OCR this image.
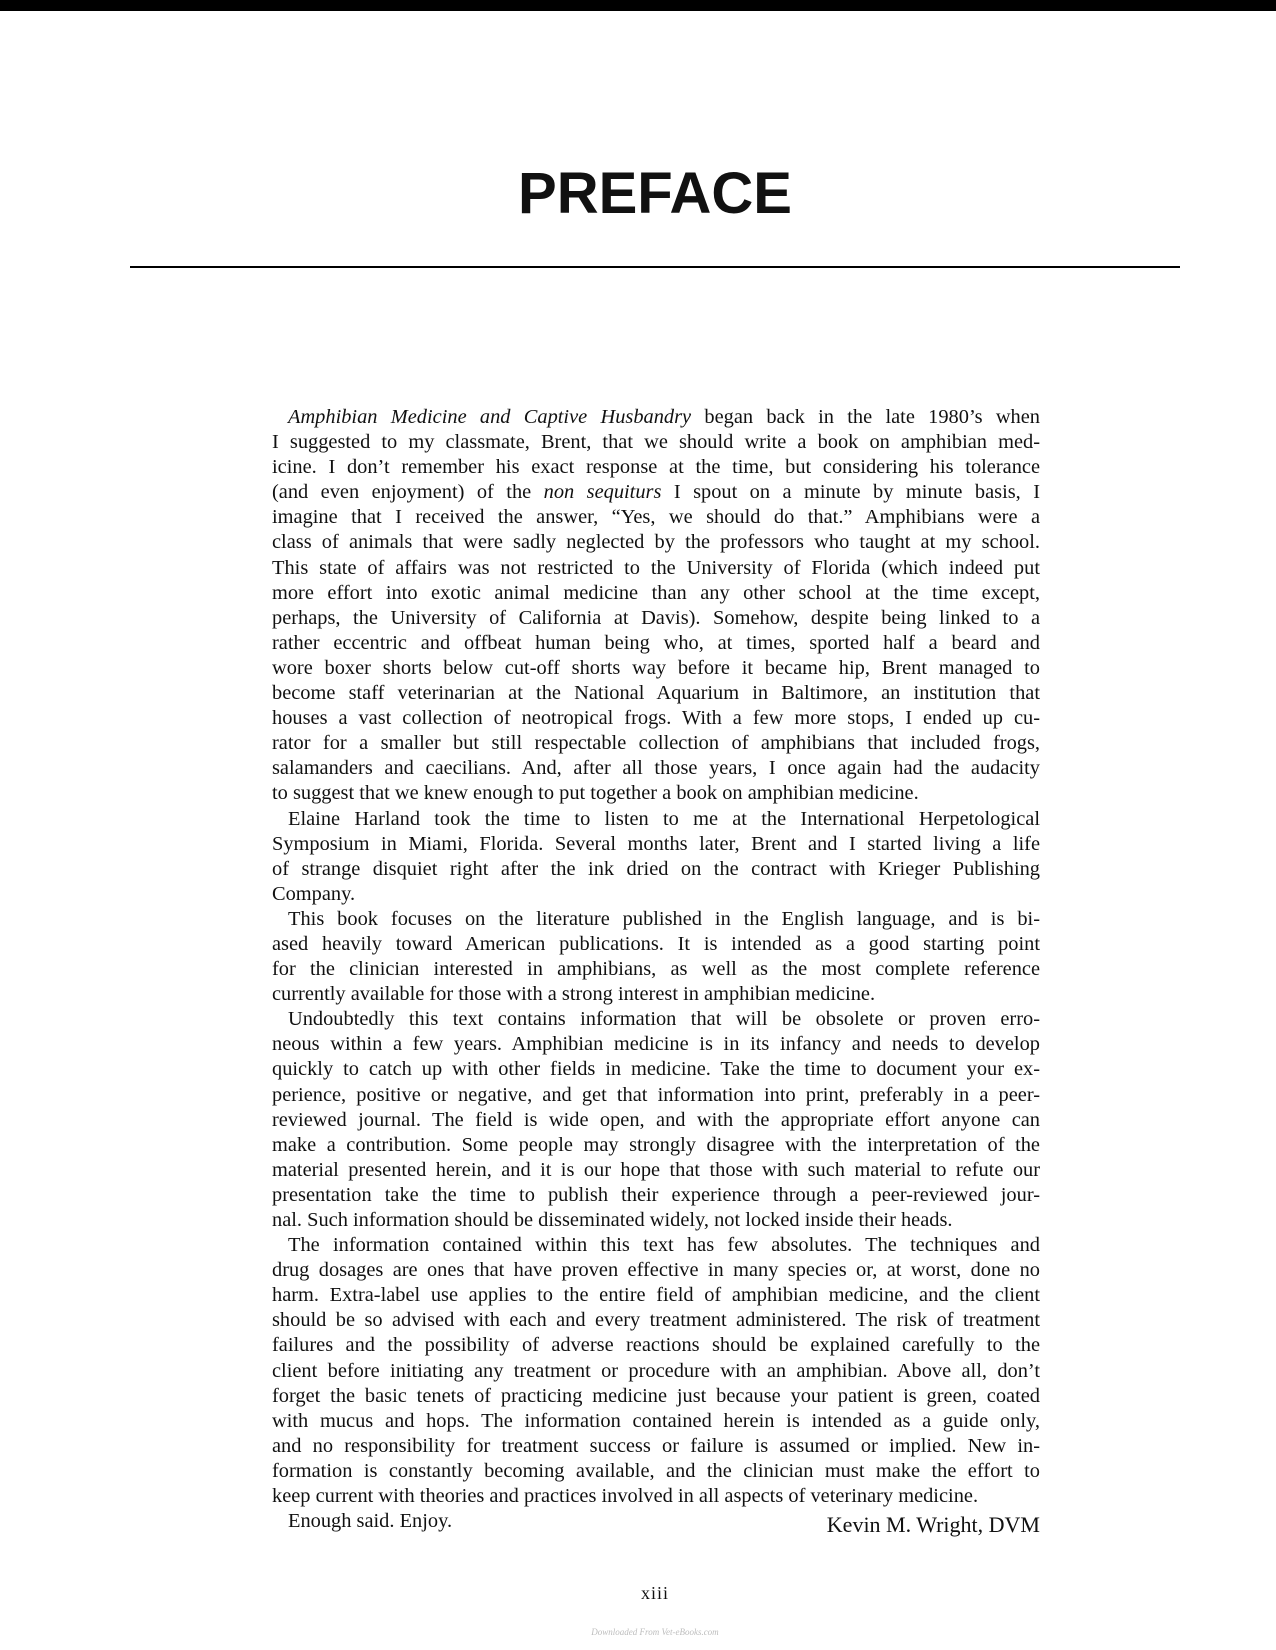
PREFACE
Amphibian Medicine and Captive Husbandry began back in the late 1980’s when
I suggested to my classmate, Brent, that we should write a book on amphibian med-
icine. I don’t remember his exact response at the time, but considering his tolerance
(and even enjoyment) of the non sequiturs I spout on a minute by minute basis, I
imagine that I received the answer, “Yes, we should do that.” Amphibians were a
class of animals that were sadly neglected by the professors who taught at my school.
This state of affairs was not restricted to the University of Florida (which indeed put
more effort into exotic animal medicine than any other school at the time except,
perhaps, the University of California at Davis). Somehow, despite being linked to a
rather eccentric and offbeat human being who, at times, sported half a beard and
wore boxer shorts below cut-off shorts way before it became hip, Brent managed to
become staff veterinarian at the National Aquarium in Baltimore, an institution that
houses a vast collection of neotropical frogs. With a few more stops, I ended up cu-
rator for a smaller but still respectable collection of amphibians that included frogs,
salamanders and caecilians. And, after all those years, I once again had the audacity
to suggest that we knew enough to put together a book on amphibian medicine.
Elaine Harland took the time to listen to me at the International Herpetological
Symposium in Miami, Florida. Several months later, Brent and I started living a life
of strange disquiet right after the ink dried on the contract with Krieger Publishing
Company.
This book focuses on the literature published in the English language, and is bi-
ased heavily toward American publications. It is intended as a good starting point
for the clinician interested in amphibians, as well as the most complete reference
currently available for those with a strong interest in amphibian medicine.
Undoubtedly this text contains information that will be obsolete or proven erro-
neous within a few years. Amphibian medicine is in its infancy and needs to develop
quickly to catch up with other fields in medicine. Take the time to document your ex-
perience, positive or negative, and get that information into print, preferably in a peer-
reviewed journal. The field is wide open, and with the appropriate effort anyone can
make a contribution. Some people may strongly disagree with the interpretation of the
material presented herein, and it is our hope that those with such material to refute our
presentation take the time to publish their experience through a peer-reviewed jour-
nal. Such information should be disseminated widely, not locked inside their heads.
The information contained within this text has few absolutes. The techniques and
drug dosages are ones that have proven effective in many species or, at worst, done no
harm. Extra-label use applies to the entire field of amphibian medicine, and the client
should be so advised with each and every treatment administered. The risk of treatment
failures and the possibility of adverse reactions should be explained carefully to the
client before initiating any treatment or procedure with an amphibian. Above all, don’t
forget the basic tenets of practicing medicine just because your patient is green, coated
with mucus and hops. The information contained herein is intended as a guide only,
and no responsibility for treatment success or failure is assumed or implied. New in-
formation is constantly becoming available, and the clinician must make the effort to
keep current with theories and practices involved in all aspects of veterinary medicine.
Enough said. Enjoy.	Kevin M. Wright, DVM
xiii
Downloaded From Vet-eBooks.com
